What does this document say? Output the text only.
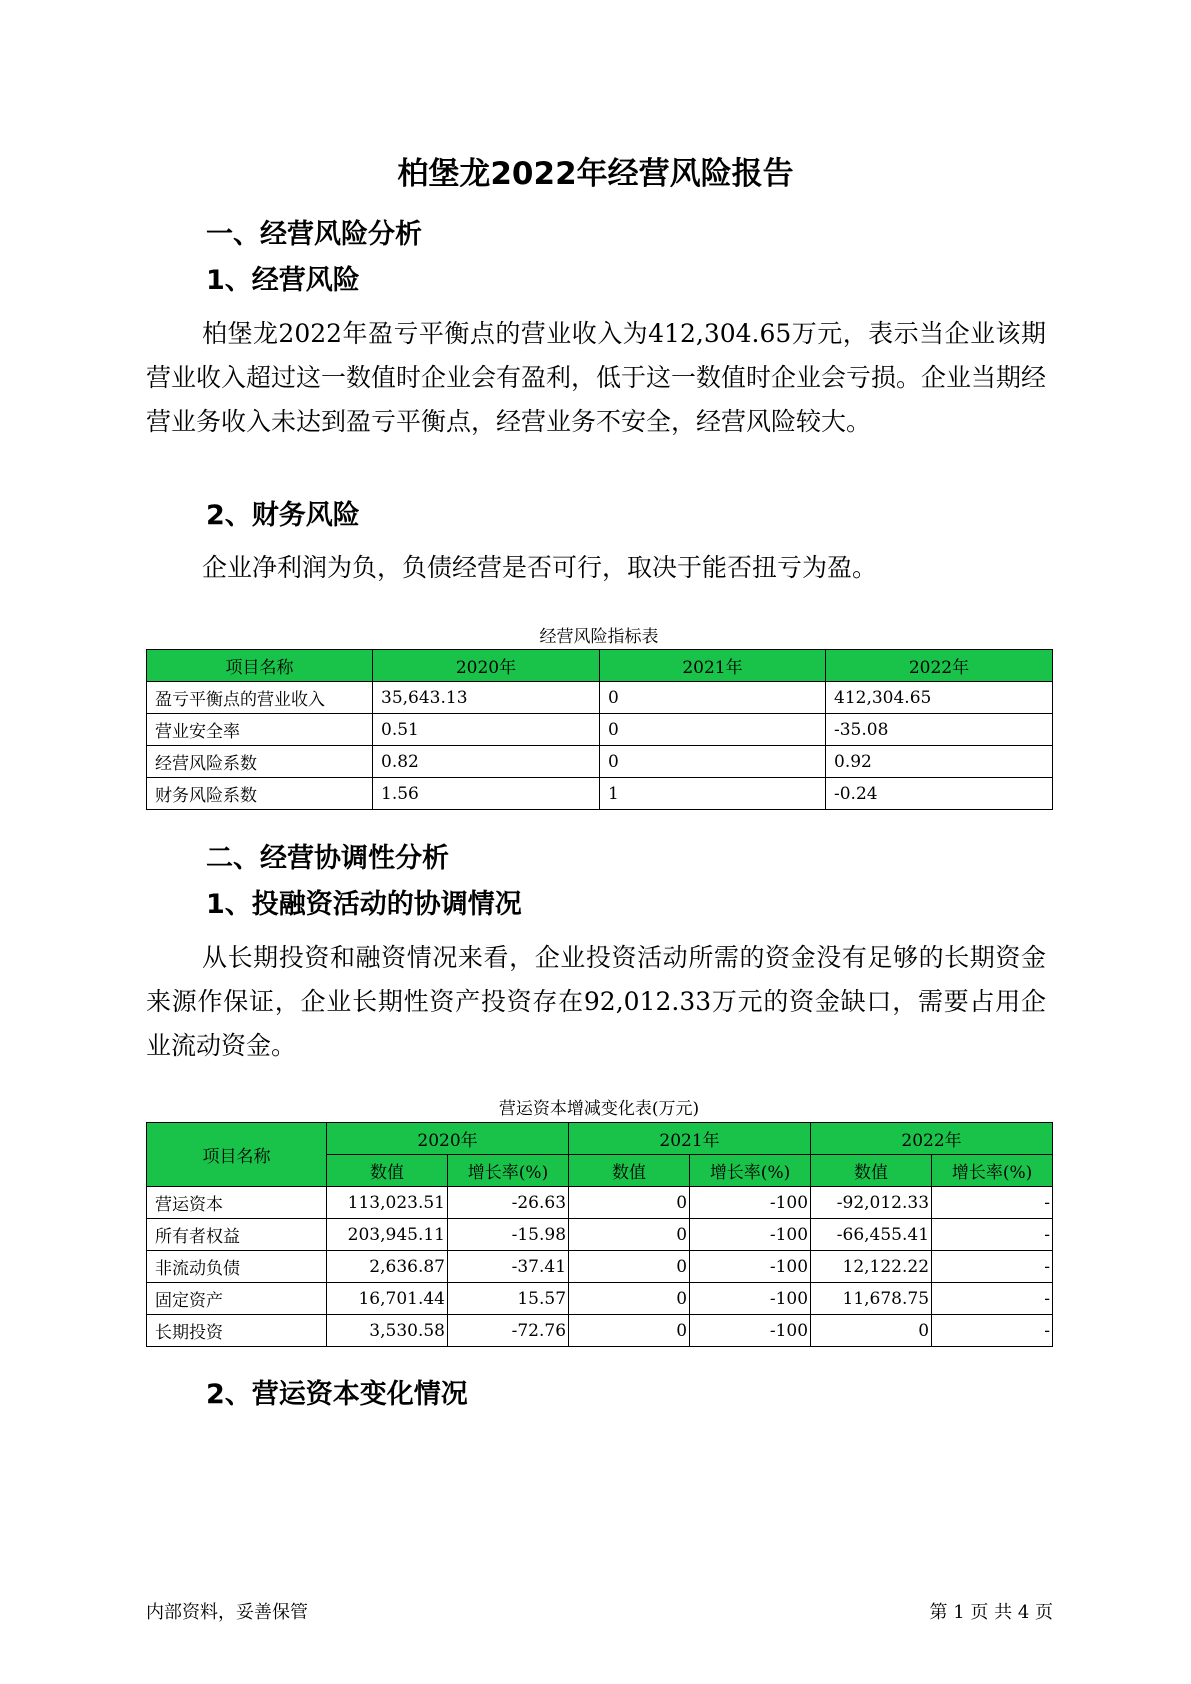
柏堡龙2022年经营风险报告
一、经营风险分析
1、经营风险

柏堡龙2022年盈亏平衡点的营业收入为412,304.65万元，表示当企业该期营业收入超过这一数值时企业会有盈利，低于这一数值时企业会亏损。企业当期经营业务收入未达到盈亏平衡点，经营业务不安全，经营风险较大。

2、财务风险

企业净利润为负，负债经营是否可行，取决于能否扭亏为盈。

经营风险指标表
项目名称	2020年	2021年	2022年
盈亏平衡点的营业收入	35,643.13	0	412,304.65
营业安全率	0.51	0	-35.08
经营风险系数	0.82	0	0.92
财务风险系数	1.56	1	-0.24
二、经营协调性分析
1、投融资活动的协调情况

从长期投资和融资情况来看，企业投资活动所需的资金没有足够的长期资金来源作保证，企业长期性资产投资存在92,012.33万元的资金缺口，需要占用企业流动资金。

营运资本增减变化表(万元)
项目名称	2020年		2021年		2022年	
	数值	增长率(%)	数值	增长率(%)	数值	增长率(%)
营运资本	113,023.51	-26.63	0	-100	-92,012.33	-
所有者权益	203,945.11	-15.98	0	-100	-66,455.41	-
非流动负债	2,636.87	-37.41	0	-100	12,122.22	-
固定资产	16,701.44	15.57	0	-100	11,678.75	-
长期投资	3,530.58	-72.76	0	-100	0	-
2、营运资本变化情况
内部资料，妥善保管	第 1 页 共 4 页
